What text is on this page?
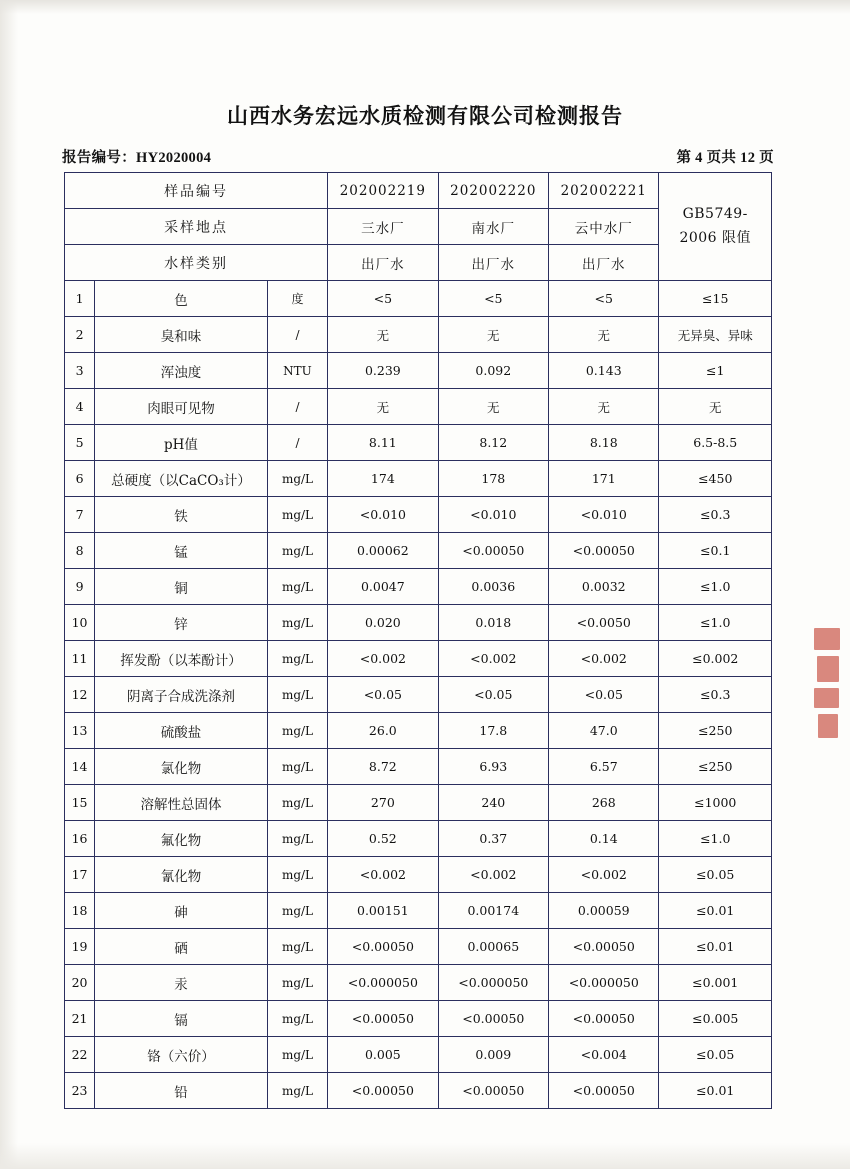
山西水务宏远水质检测有限公司检测报告
报告编号：HY2020004	第 4 页共 12 页
样品编号			202002219	202002220	202002221	GB5749-
2006 限值

采样地点			三水厂	南水厂	云中水厂	
水样类别			出厂水	出厂水	出厂水	
1	色	度	<5	<5	<5	≤15
2	臭和味	/	无	无	无	无异臭、异味
3	浑浊度	NTU	0.239	0.092	0.143	≤1
4	肉眼可见物	/	无	无	无	无
5	pH值	/	8.11	8.12	8.18	6.5-8.5
6	总硬度（以CaCO₃计）	mg/L	174	178	171	≤450
7	铁	mg/L	<0.010	<0.010	<0.010	≤0.3
8	锰	mg/L	0.00062	<0.00050	<0.00050	≤0.1
9	铜	mg/L	0.0047	0.0036	0.0032	≤1.0
10	锌	mg/L	0.020	0.018	<0.0050	≤1.0
11	挥发酚（以苯酚计）	mg/L	<0.002	<0.002	<0.002	≤0.002
12	阴离子合成洗涤剂	mg/L	<0.05	<0.05	<0.05	≤0.3
13	硫酸盐	mg/L	26.0	17.8	47.0	≤250
14	氯化物	mg/L	8.72	6.93	6.57	≤250
15	溶解性总固体	mg/L	270	240	268	≤1000
16	氟化物	mg/L	0.52	0.37	0.14	≤1.0
17	氰化物	mg/L	<0.002	<0.002	<0.002	≤0.05
18	砷	mg/L	0.00151	0.00174	0.00059	≤0.01
19	硒	mg/L	<0.00050	0.00065	<0.00050	≤0.01
20	汞	mg/L	<0.000050	<0.000050	<0.000050	≤0.001
21	镉	mg/L	<0.00050	<0.00050	<0.00050	≤0.005
22	铬（六价）	mg/L	0.005	0.009	<0.004	≤0.05
23	铅	mg/L	<0.00050	<0.00050	<0.00050	≤0.01
